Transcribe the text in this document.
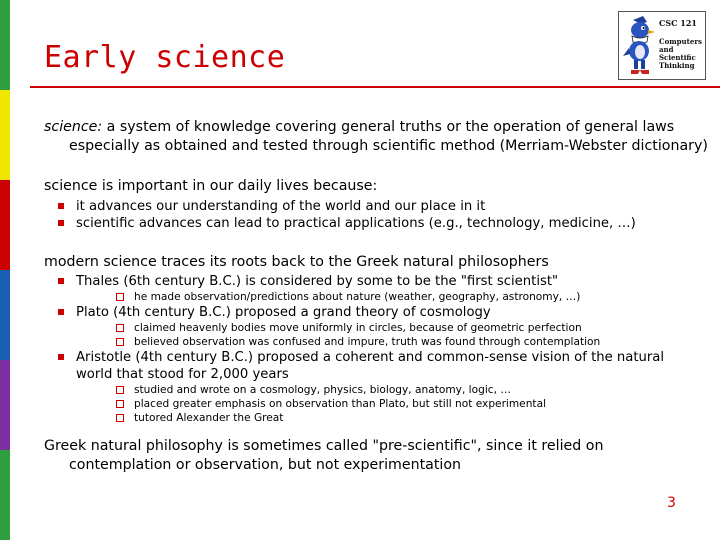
Early science
CSC 121
Computers
and
Scientific
Thinking

science: a system of knowledge covering general truths or the operation of general laws especially as obtained and tested through scientific method (Merriam-Webster dictionary)

science is important in our daily lives because:

it advances our understanding of the world and our place in it
scientific advances can lead to practical applications (e.g., technology, medicine, …)

modern science traces its roots back to the Greek natural philosophers

Thales (6th century B.C.) is considered by some to be the "first scientist"
he made observation/predictions about nature (weather, geography, astronomy, …)
Plato (4th century B.C.) proposed a grand theory of cosmology
claimed heavenly bodies move uniformly in circles, because of geometric perfection
believed observation was confused and impure, truth was found through contemplation
Aristotle (4th century B.C.) proposed a coherent and common-sense vision of the natural world that stood for 2,000 years
studied and wrote on a cosmology, physics, biology, anatomy, logic, …
placed greater emphasis on observation than Plato, but still not experimental
tutored Alexander the Great

Greek natural philosophy is sometimes called "pre-scientific", since it relied on contemplation or observation, but not experimentation

3
